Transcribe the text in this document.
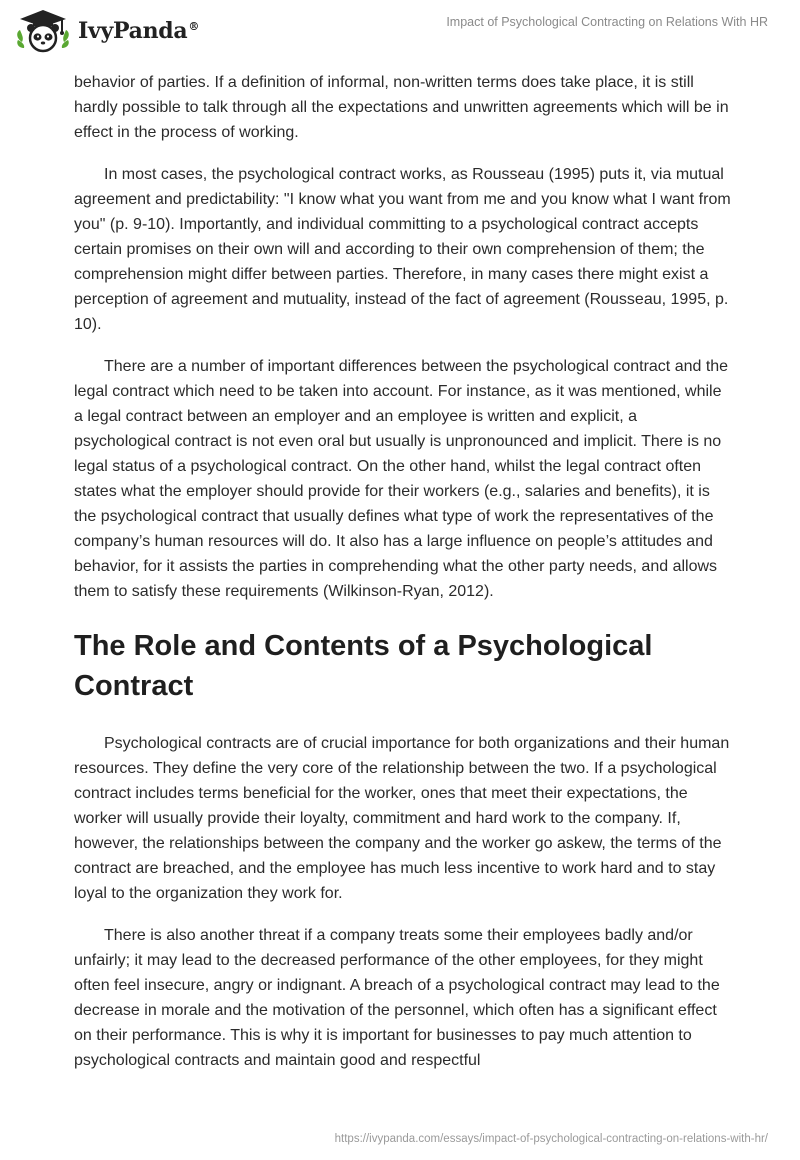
IvyPanda®	Impact of Psychological Contracting on Relations With HR

behavior of parties. If a definition of informal, non-written terms does take place, it is still hardly possible to talk through all the expectations and unwritten agreements which will be in effect in the process of working.

In most cases, the psychological contract works, as Rousseau (1995) puts it, via mutual agreement and predictability: "I know what you want from me and you know what I want from you" (p. 9-10). Importantly, and individual committing to a psychological contract accepts certain promises on their own will and according to their own comprehension of them; the comprehension might differ between parties. Therefore, in many cases there might exist a perception of agreement and mutuality, instead of the fact of agreement (Rousseau, 1995, p. 10).

There are a number of important differences between the psychological contract and the legal contract which need to be taken into account. For instance, as it was mentioned, while a legal contract between an employer and an employee is written and explicit, a psychological contract is not even oral but usually is unpronounced and implicit. There is no legal status of a psychological contract. On the other hand, whilst the legal contract often states what the employer should provide for their workers (e.g., salaries and benefits), it is the psychological contract that usually defines what type of work the representatives of the company’s human resources will do. It also has a large influence on people’s attitudes and behavior, for it assists the parties in comprehending what the other party needs, and allows them to satisfy these requirements (Wilkinson-Ryan, 2012).

The Role and Contents of a Psychological Contract

Psychological contracts are of crucial importance for both organizations and their human resources. They define the very core of the relationship between the two. If a psychological contract includes terms beneficial for the worker, ones that meet their expectations, the worker will usually provide their loyalty, commitment and hard work to the company. If, however, the relationships between the company and the worker go askew, the terms of the contract are breached, and the employee has much less incentive to work hard and to stay loyal to the organization they work for.

There is also another threat if a company treats some their employees badly and/or unfairly; it may lead to the decreased performance of the other employees, for they might often feel insecure, angry or indignant. A breach of a psychological contract may lead to the decrease in morale and the motivation of the personnel, which often has a significant effect on their performance. This is why it is important for businesses to pay much attention to psychological contracts and maintain good and respectful

https://ivypanda.com/essays/impact-of-psychological-contracting-on-relations-with-hr/
